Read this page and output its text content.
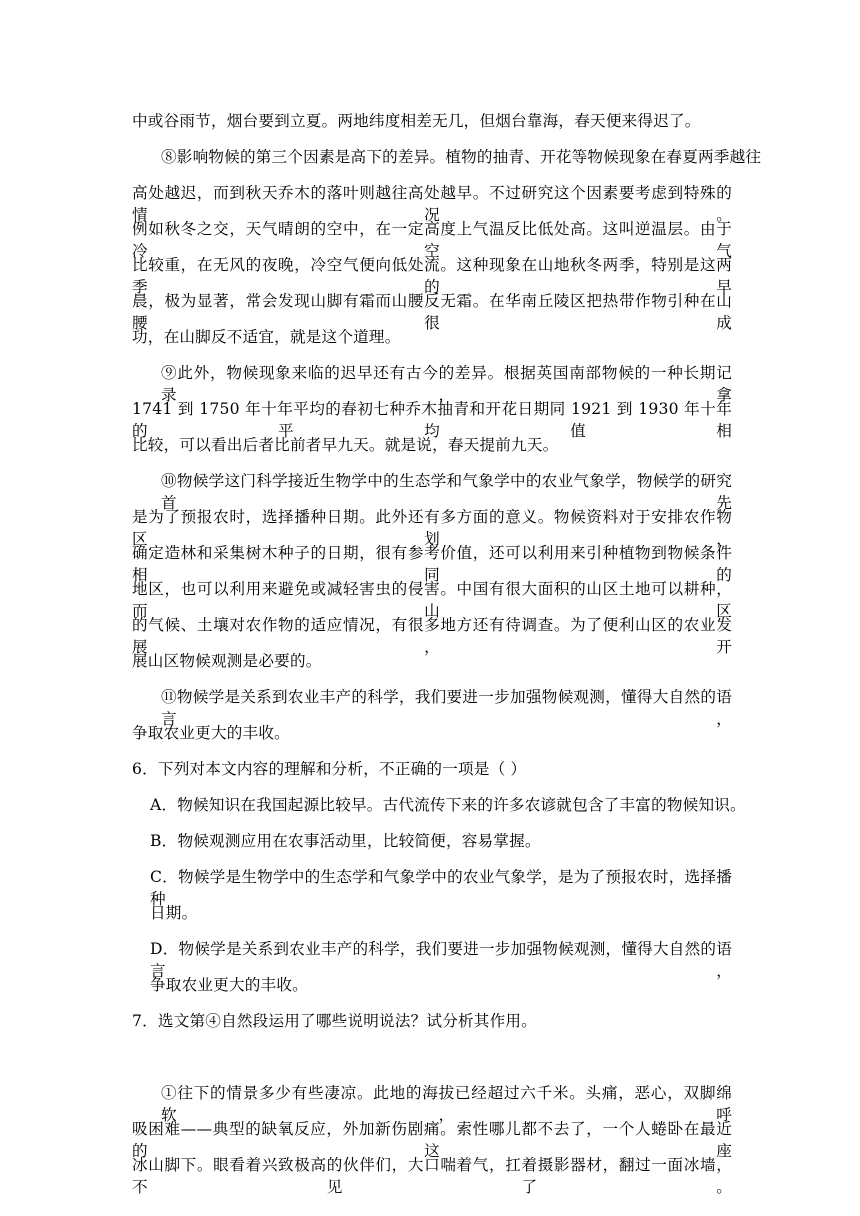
中或谷雨节，烟台要到立夏。两地纬度相差无几，但烟台靠海，春天便来得迟了。
⑧影响物候的第三个因素是高下的差异。植物的抽青、开花等物候现象在春夏两季越往
高处越迟，而到秋天乔木的落叶则越往高处越早。不过研究这个因素要考虑到特殊的情况。
例如秋冬之交，天气晴朗的空中，在一定高度上气温反比低处高。这叫逆温层。由于冷空气
比较重，在无风的夜晚，冷空气便向低处流。这种现象在山地秋冬两季，特别是这两季的早
晨，极为显著，常会发现山脚有霜而山腰反无霜。在华南丘陵区把热带作物引种在山腰很成
功，在山脚反不适宜，就是这个道理。
⑨此外，物候现象来临的迟早还有古今的差异。根据英国南部物候的一种长期记录，拿
1741 到 1750 年十年平均的春初七种乔木抽青和开花日期同 1921 到 1930 年十年的平均值相
比较，可以看出后者比前者早九天。就是说，春天提前九天。
⑩物候学这门科学接近生物学中的生态学和气象学中的农业气象学，物候学的研究首先
是为了预报农时，选择播种日期。此外还有多方面的意义。物候资料对于安排农作物区划，
确定造林和采集树木种子的日期，很有参考价值，还可以利用来引种植物到物候条件相同的
地区，也可以利用来避免或减轻害虫的侵害。中国有很大面积的山区土地可以耕种，而山区
的气候、土壤对农作物的适应情况，有很多地方还有待调查。为了便利山区的农业发展，开
展山区物候观测是必要的。
⑪物候学是关系到农业丰产的科学，我们要进一步加强物候观测，懂得大自然的语言，
争取农业更大的丰收。
6．下列对本文内容的理解和分析，不正确的一项是（ ）
A．物候知识在我国起源比较早。古代流传下来的许多农谚就包含了丰富的物候知识。
B．物候观测应用在农事活动里，比较简便，容易掌握。
C．物候学是生物学中的生态学和气象学中的农业气象学，是为了预报农时，选择播种
日期。
D．物候学是关系到农业丰产的科学，我们要进一步加强物候观测，懂得大自然的语言，
争取农业更大的丰收。
7．选文第④自然段运用了哪些说明说法？试分析其作用。
①往下的情景多少有些凄凉。此地的海拔已经超过六千米。头痛，恶心，双脚绵软，呼
吸困难——典型的缺氧反应，外加新伤剧痛。索性哪儿都不去了，一个人蜷卧在最近的这座
冰山脚下。眼看着兴致极高的伙伴们，大口喘着气，扛着摄影器材，翻过一面冰墙，不见了。
